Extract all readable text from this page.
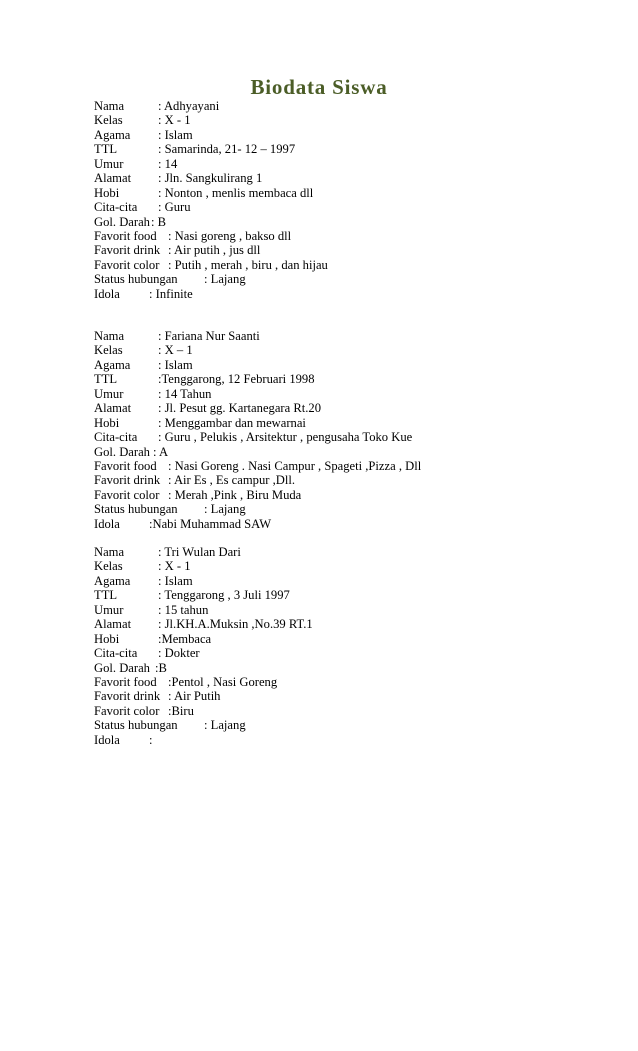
Biodata Siswa
Nama	: Adhyayani
Kelas	: X - 1
Agama : Islam
TTL	: Samarinda, 21- 12 – 1997
Umur	: 14
Alamat : Jln. Sangkulirang 1
Hobi	: Nonton , menlis membaca dll
Cita-cita : Guru
Gol. Darah : B
Favorit food : Nasi goreng , bakso dll
Favorit drink : Air putih , jus dll
Favorit color : Putih , merah , biru , dan hijau
Status hubungan : Lajang
Idola : Infinite
Nama	: Fariana Nur Saanti
Kelas	: X – 1
Agama : Islam
TTL	:Tenggarong, 12 Februari 1998
Umur	: 14 Tahun
Alamat : Jl. Pesut gg. Kartanegara Rt.20
Hobi	: Menggambar dan mewarnai
Cita-cita : Guru , Pelukis , Arsitektur , pengusaha Toko Kue
Gol. Darah : A
Favorit food : Nasi Goreng . Nasi Campur , Spageti ,Pizza , Dll
Favorit drink : Air Es , Es campur ,Dll.
Favorit color : Merah ,Pink , Biru Muda
Status hubungan : Lajang
Idola :Nabi Muhammad SAW
Nama	: Tri Wulan Dari
Kelas	: X - 1
Agama : Islam
TTL	: Tenggarong , 3 Juli 1997
Umur	: 15 tahun
Alamat : Jl.KH.A.Muksin ,No.39 RT.1
Hobi	:Membaca
Cita-cita : Dokter
Gol. Darah :B
Favorit food :Pentol , Nasi Goreng
Favorit drink : Air Putih
Favorit color :Biru
Status hubungan : Lajang
Idola :
